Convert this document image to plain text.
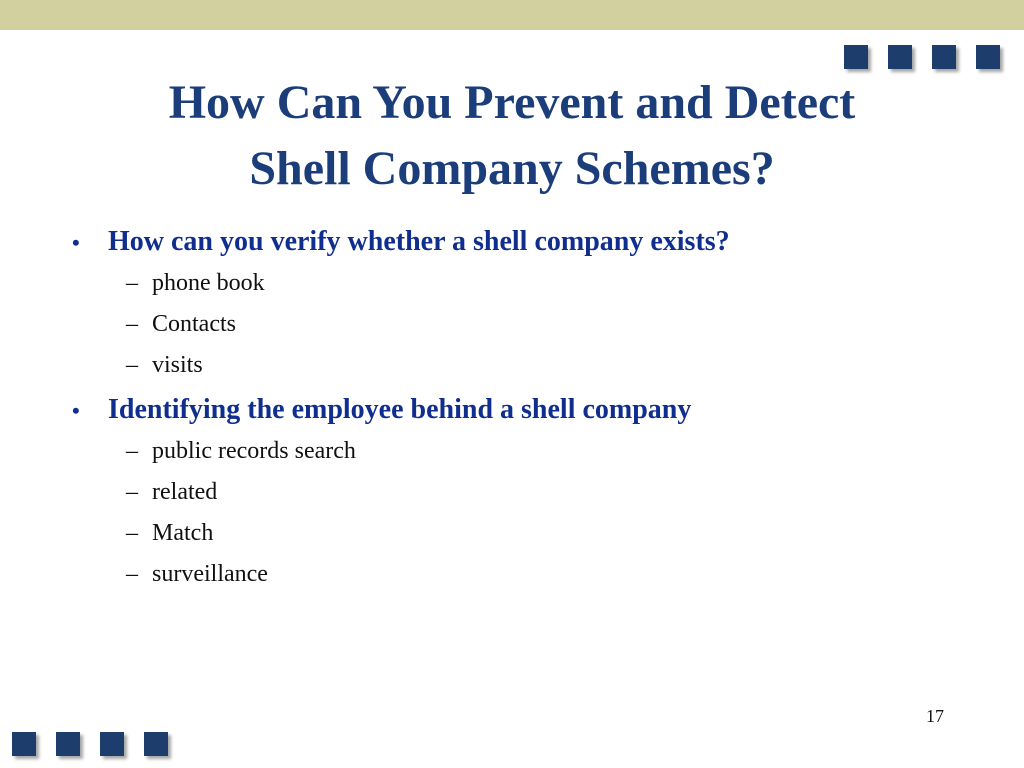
How Can You Prevent and Detect
Shell Company Schemes?
•	How can you verify whether a shell company exists?
– phone book
– Contacts
– visits
•	Identifying the employee behind a shell company
– public records search
– related
– Match
– surveillance
17
